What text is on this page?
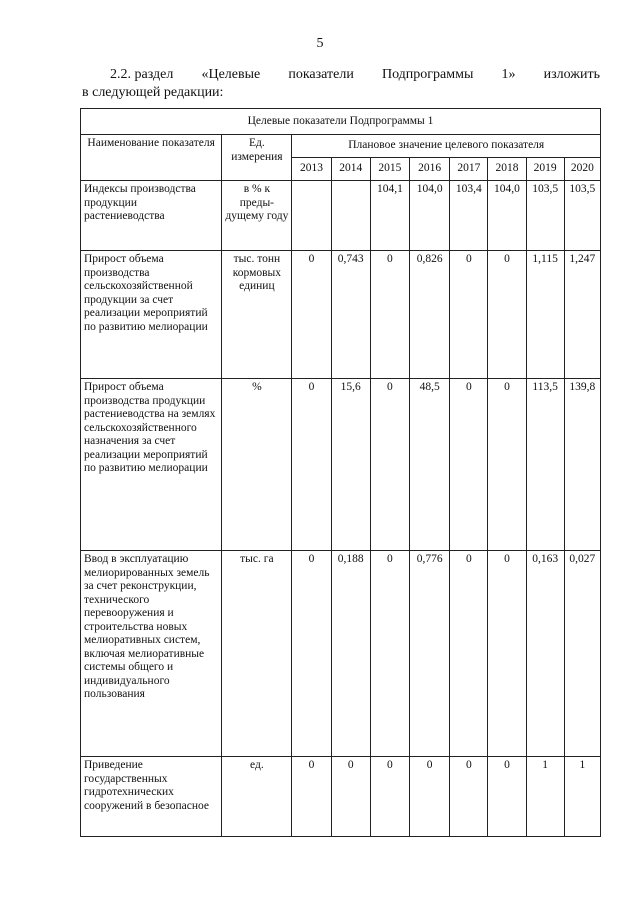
5
2.2. раздел «Целевые показатели Подпрограммы 1» изложить
в следующей редакции:
Целевые показатели Подпрограммы 1									
Наименование показателя	Ед. измерения	Плановое значение целевого показателя							
		2013	2014	2015	2016	2017	2018	2019	2020
Индексы производства продукции растениеводства	в % к преды-дущему году			104,1	104,0	103,4	104,0	103,5	103,5
Прирост объема производства сельскохозяйственной продукции за счет реализации мероприятий по развитию мелиорации	тыс. тонн кормовых единиц	0	0,743	0	0,826	0	0	1,115	1,247
Прирост объема производства продукции растениеводства на землях сельскохозяйственного назначения за счет реализации мероприятий по развитию мелиорации	%	0	15,6	0	48,5	0	0	113,5	139,8
Ввод в эксплуатацию мелиорированных земель за счет реконструкции, технического перевооружения и строительства новых мелиоративных систем, включая мелиоративные системы общего и индивидуального пользования	тыс. га	0	0,188	0	0,776	0	0	0,163	0,027
Приведение государственных гидротехнических сооружений в безопасное	ед.	0	0	0	0	0	0	1	1
